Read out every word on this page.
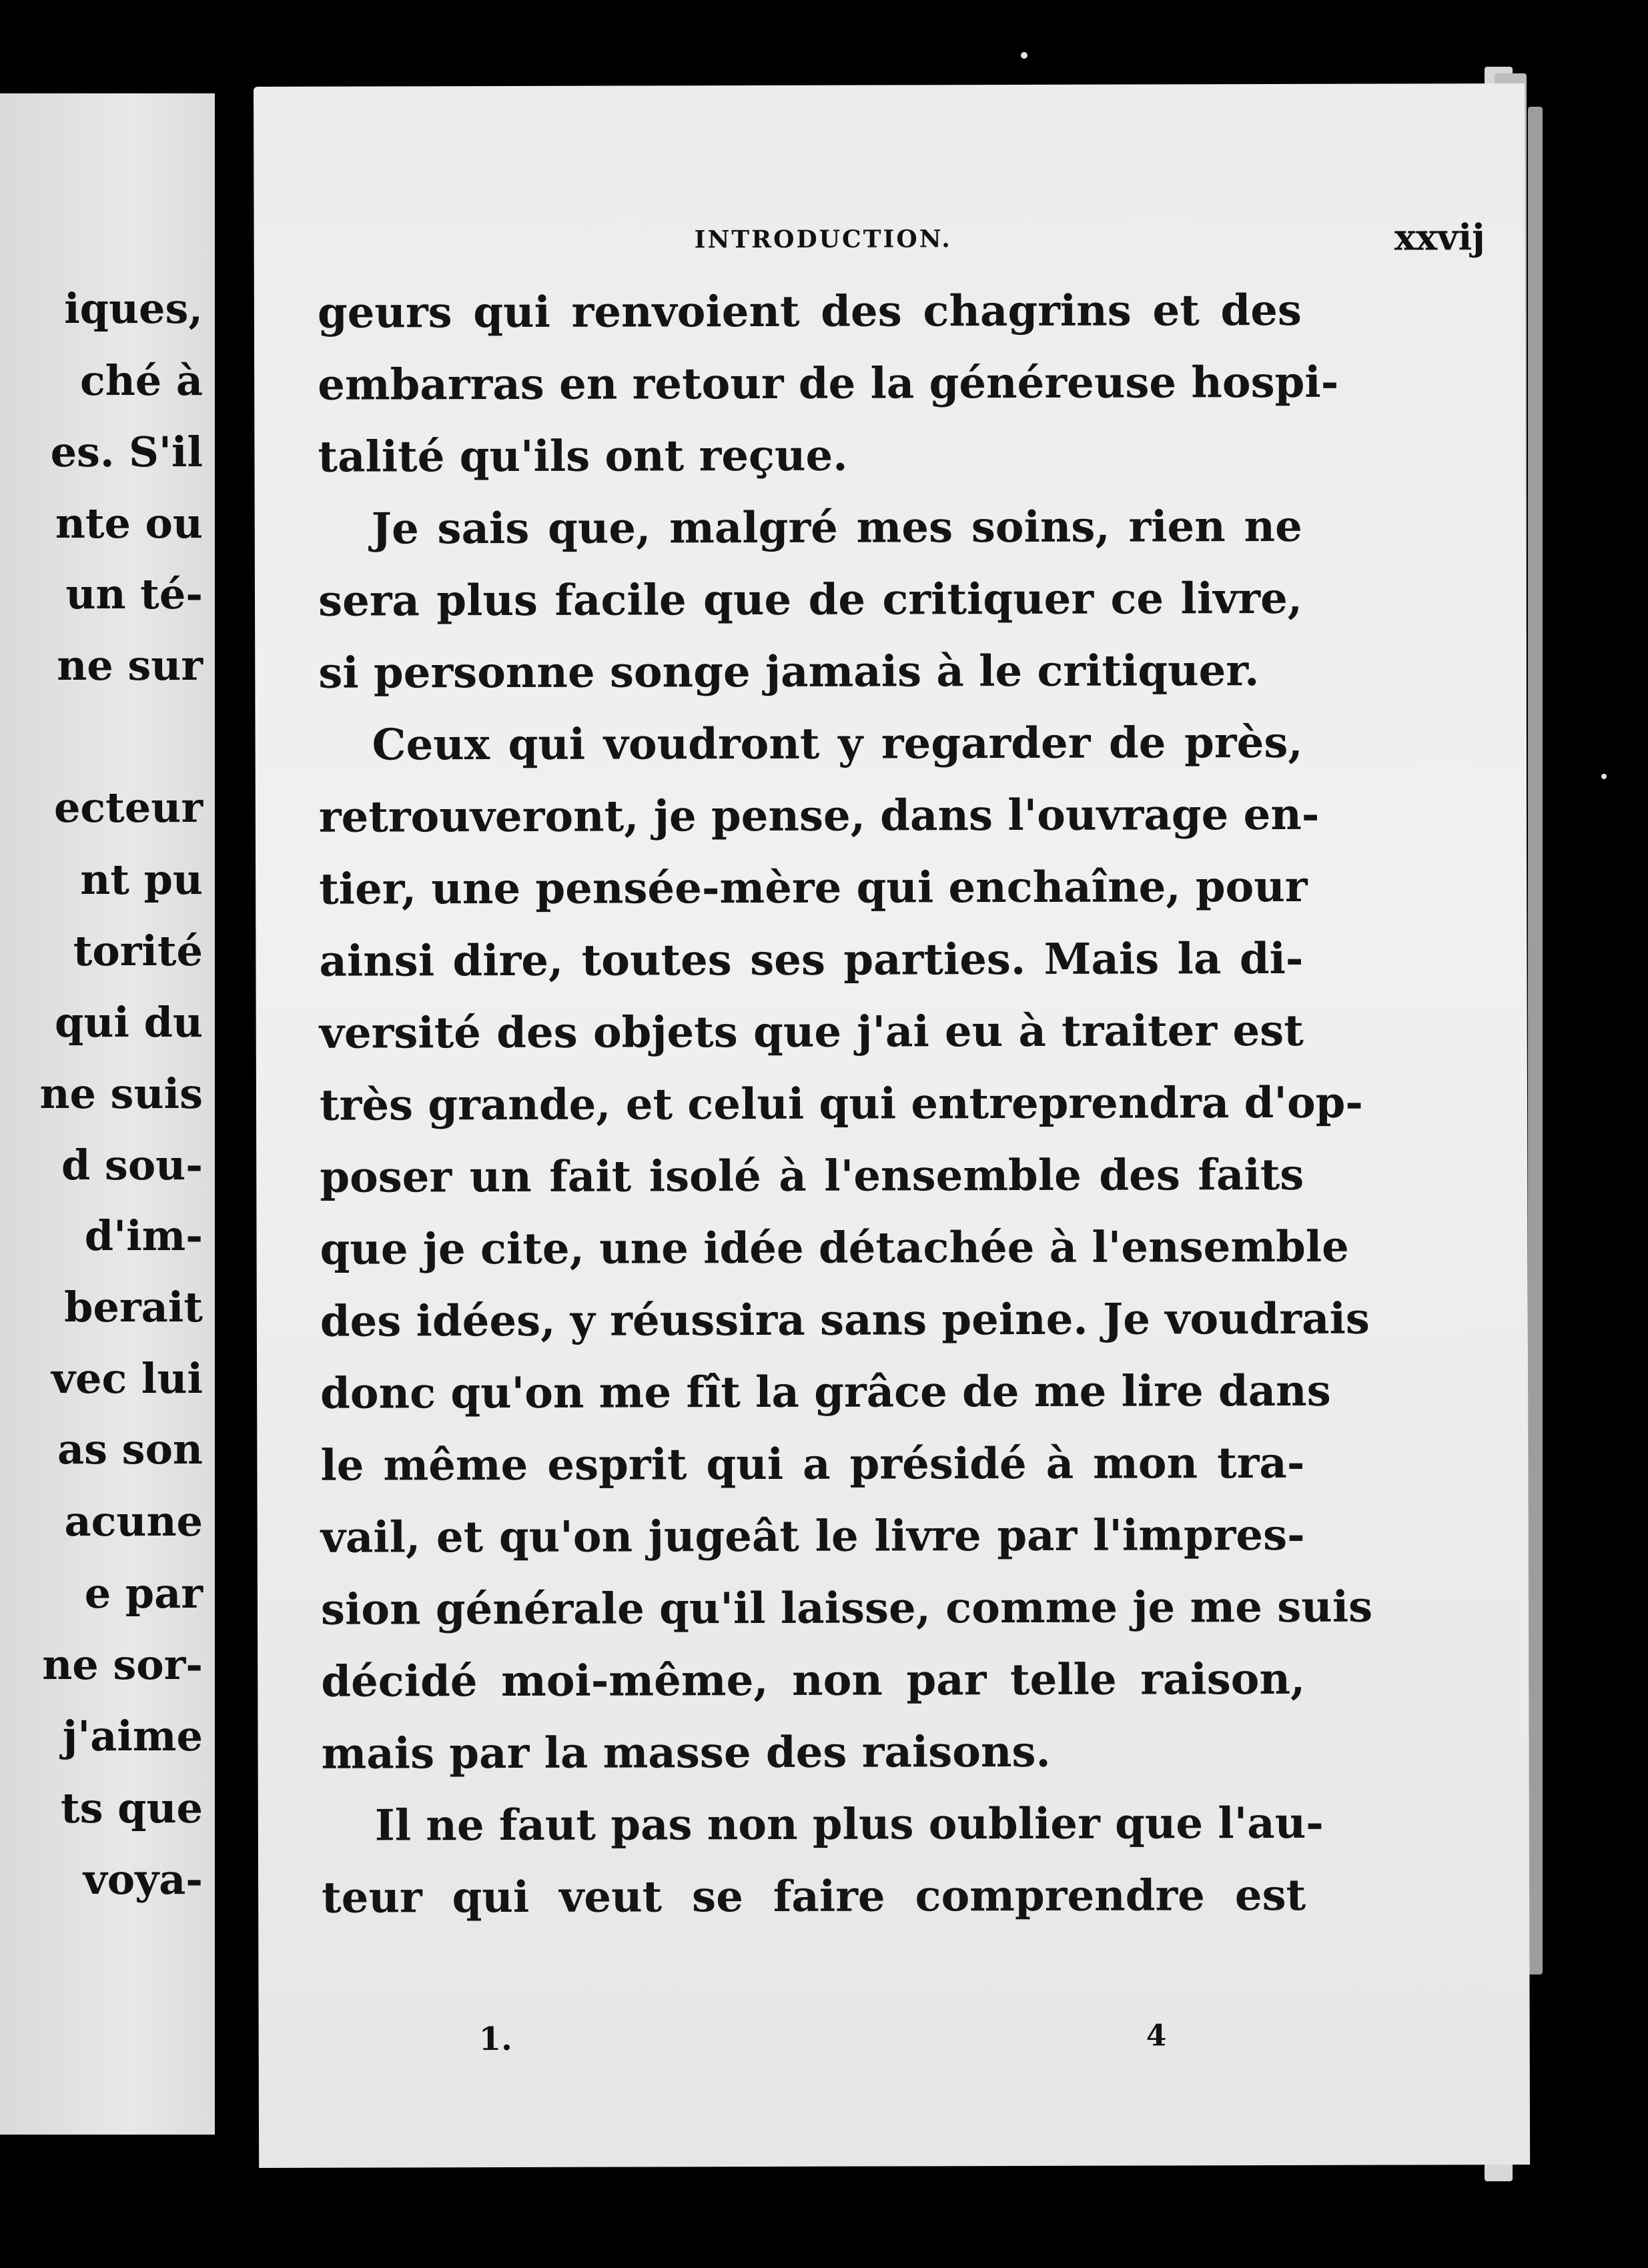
iques,
ché à
es. S'il
nte ou
un té-
ne sur
ecteur
nt pu
torité
qui du
ne suis
d sou-
d'im-
berait
vec lui
as son
acune
e par
ne sor-
j'aime
ts que
voya-
INTRODUCTION.	xxvij
geurs qui renvoient des chagrins et des
embarras en retour de la généreuse hospi-
talité qu'ils ont reçue.
Je sais que, malgré mes soins, rien ne
sera plus facile que de critiquer ce livre,
si personne songe jamais à le critiquer.
Ceux qui voudront y regarder de près,
retrouveront, je pense, dans l'ouvrage en-
tier, une pensée-mère qui enchaîne, pour
ainsi dire, toutes ses parties. Mais la di-
versité des objets que j'ai eu à traiter est
très grande, et celui qui entreprendra d'op-
poser un fait isolé à l'ensemble des faits
que je cite, une idée détachée à l'ensemble
des idées, y réussira sans peine. Je voudrais
donc qu'on me fît la grâce de me lire dans
le même esprit qui a présidé à mon tra-
vail, et qu'on jugeât le livre par l'impres-
sion générale qu'il laisse, comme je me suis
décidé moi-même, non par telle raison,
mais par la masse des raisons.
Il ne faut pas non plus oublier que l'au-
teur qui veut se faire comprendre est
1.	4
